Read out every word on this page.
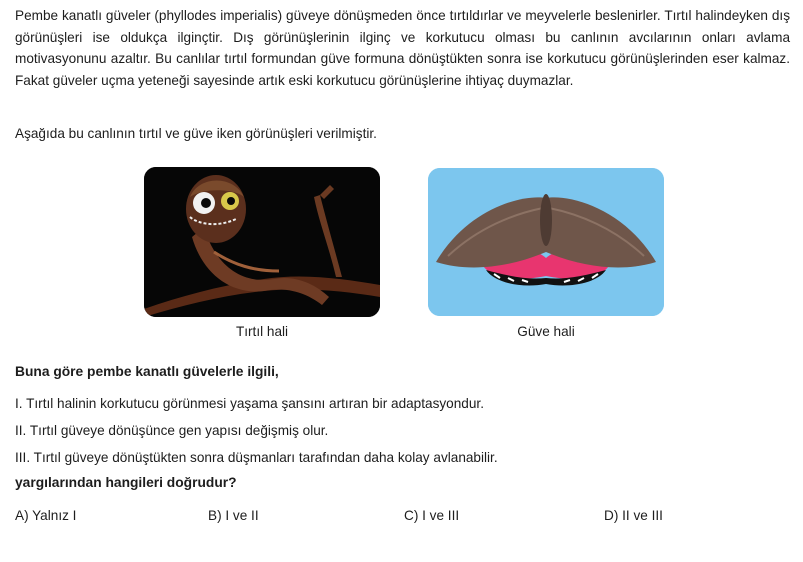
Pembe kanatlı güveler (phyllodes imperialis) güveye dönüşmeden önce tırtıldırlar ve meyvelerle beslenirler. Tırtıl halindeyken dış görünüşleri ise oldukça ilginçtir. Dış görünüşlerinin ilginç ve korkutucu olması bu canlının avcılarının onları avlama motivasyonunu azaltır. Bu canlılar tırtıl formundan güve formuna dönüştükten sonra ise korkutucu görünüşlerinden eser kalmaz. Fakat güveler uçma yeteneği sayesinde artık eski korkutucu görünüşlerine ihtiyaç duymazlar.

Aşağıda bu canlının tırtıl ve güve iken görünüşleri verilmiştir.

Tırtıl hali	Güve hali

Buna göre pembe kanatlı güvelerle ilgili,

I. Tırtıl halinin korkutucu görünmesi yaşama şansını artıran bir adaptasyondur.

II. Tırtıl güveye dönüşünce gen yapısı değişmiş olur.

III. Tırtıl güveye dönüştükten sonra düşmanları tarafından daha kolay avlanabilir.

yargılarından hangileri doğrudur?

A) Yalnız I	B) I ve II	C) I ve III	D) II ve III
